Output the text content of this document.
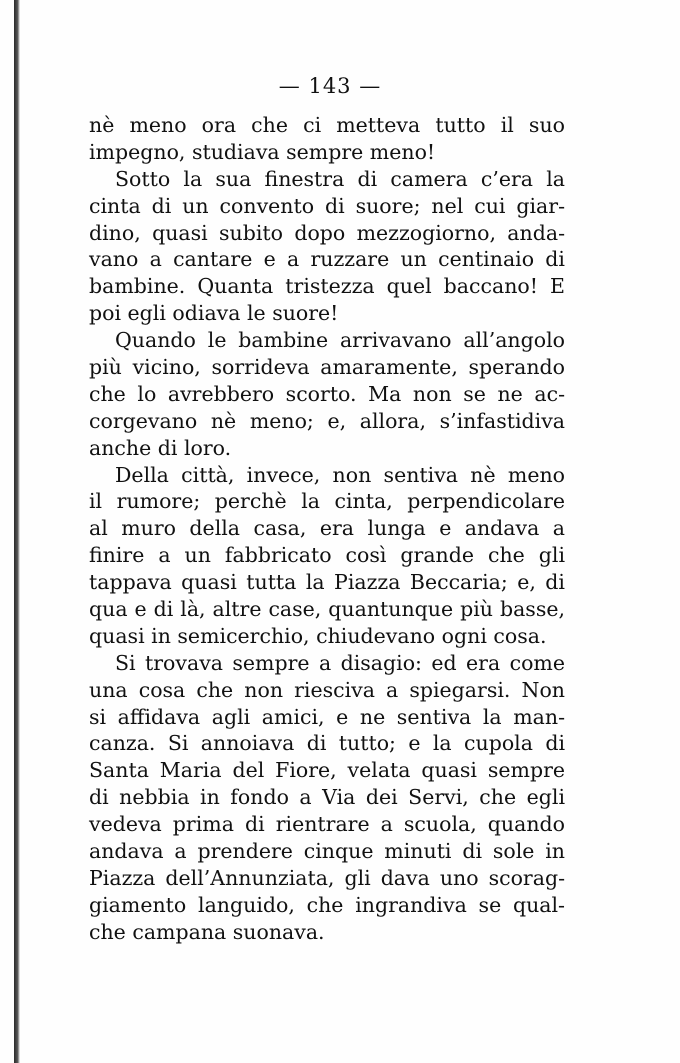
— 143 —
nè meno ora che ci metteva tutto il suo
impegno, studiava sempre meno!
Sotto la sua finestra di camera c’era la
cinta di un convento di suore; nel cui giar-
dino, quasi subito dopo mezzogiorno, anda-
vano a cantare e a ruzzare un centinaio di
bambine. Quanta tristezza quel baccano! E
poi egli odiava le suore!
Quando le bambine arrivavano all’angolo
più vicino, sorrideva amaramente, sperando
che lo avrebbero scorto. Ma non se ne ac-
corgevano nè meno; e, allora, s’infastidiva
anche di loro.
Della città, invece, non sentiva nè meno
il rumore; perchè la cinta, perpendicolare
al muro della casa, era lunga e andava a
finire a un fabbricato così grande che gli
tappava quasi tutta la Piazza Beccaria; e, di
qua e di là, altre case, quantunque più basse,
quasi in semicerchio, chiudevano ogni cosa.
Si trovava sempre a disagio: ed era come
una cosa che non riesciva a spiegarsi. Non
si affidava agli amici, e ne sentiva la man-
canza. Si annoiava di tutto; e la cupola di
Santa Maria del Fiore, velata quasi sempre
di nebbia in fondo a Via dei Servi, che egli
vedeva prima di rientrare a scuola, quando
andava a prendere cinque minuti di sole in
Piazza dell’Annunziata, gli dava uno scorag-
giamento languido, che ingrandiva se qual-
che campana suonava.
